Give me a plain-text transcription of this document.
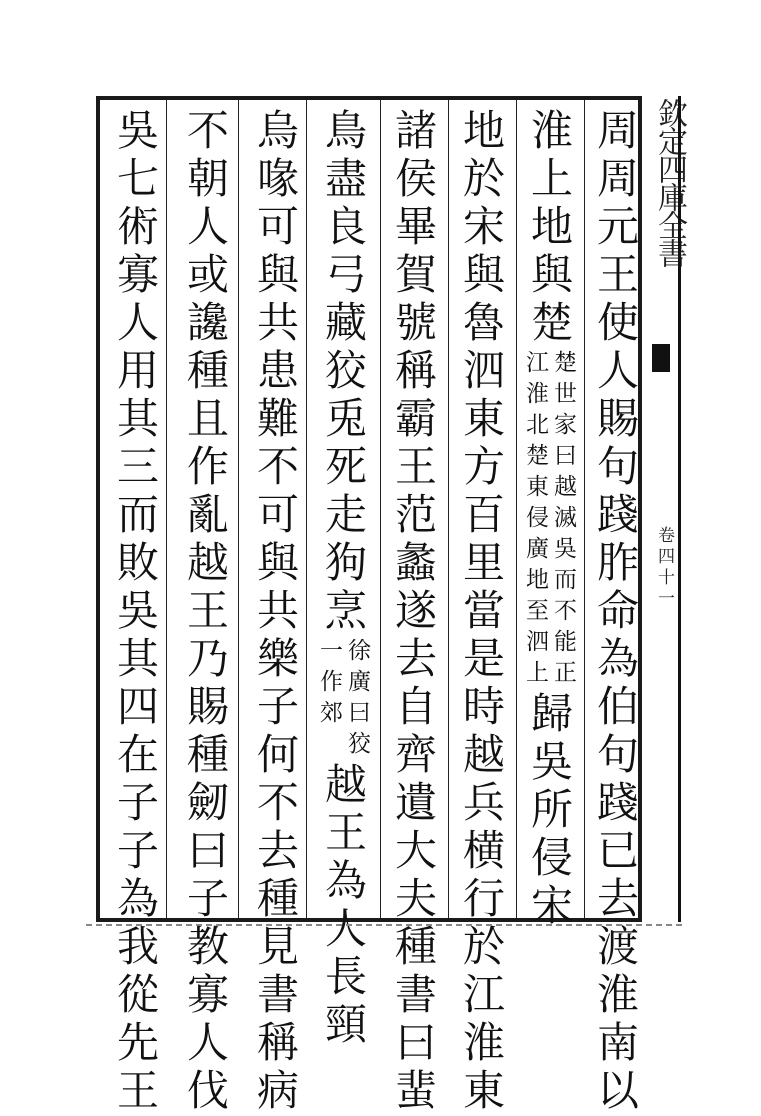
周周元王使人賜句踐胙命為伯句踐已去渡淮南以
淮上地與楚
楚世家曰越滅吳而不能正
江淮北楚東侵廣地至泗上
歸吳所侵宋
地於宋與魯泗東方百里當是時越兵横行於江淮東
諸侯畢賀號稱霸王范蠡遂去自齊遺大夫種書曰蜚
鳥盡良弓藏狡兎死走狗烹
徐廣曰狡
一作郊
越王為人長頸
烏喙可與共患難不可與共樂子何不去種見書稱病
不朝人或讒種且作亂越王乃賜種劒曰子教寡人伐
吳七術寡人用其三而敗吳其四在子子為我從先王	欽定四庫全書
卷四十一
